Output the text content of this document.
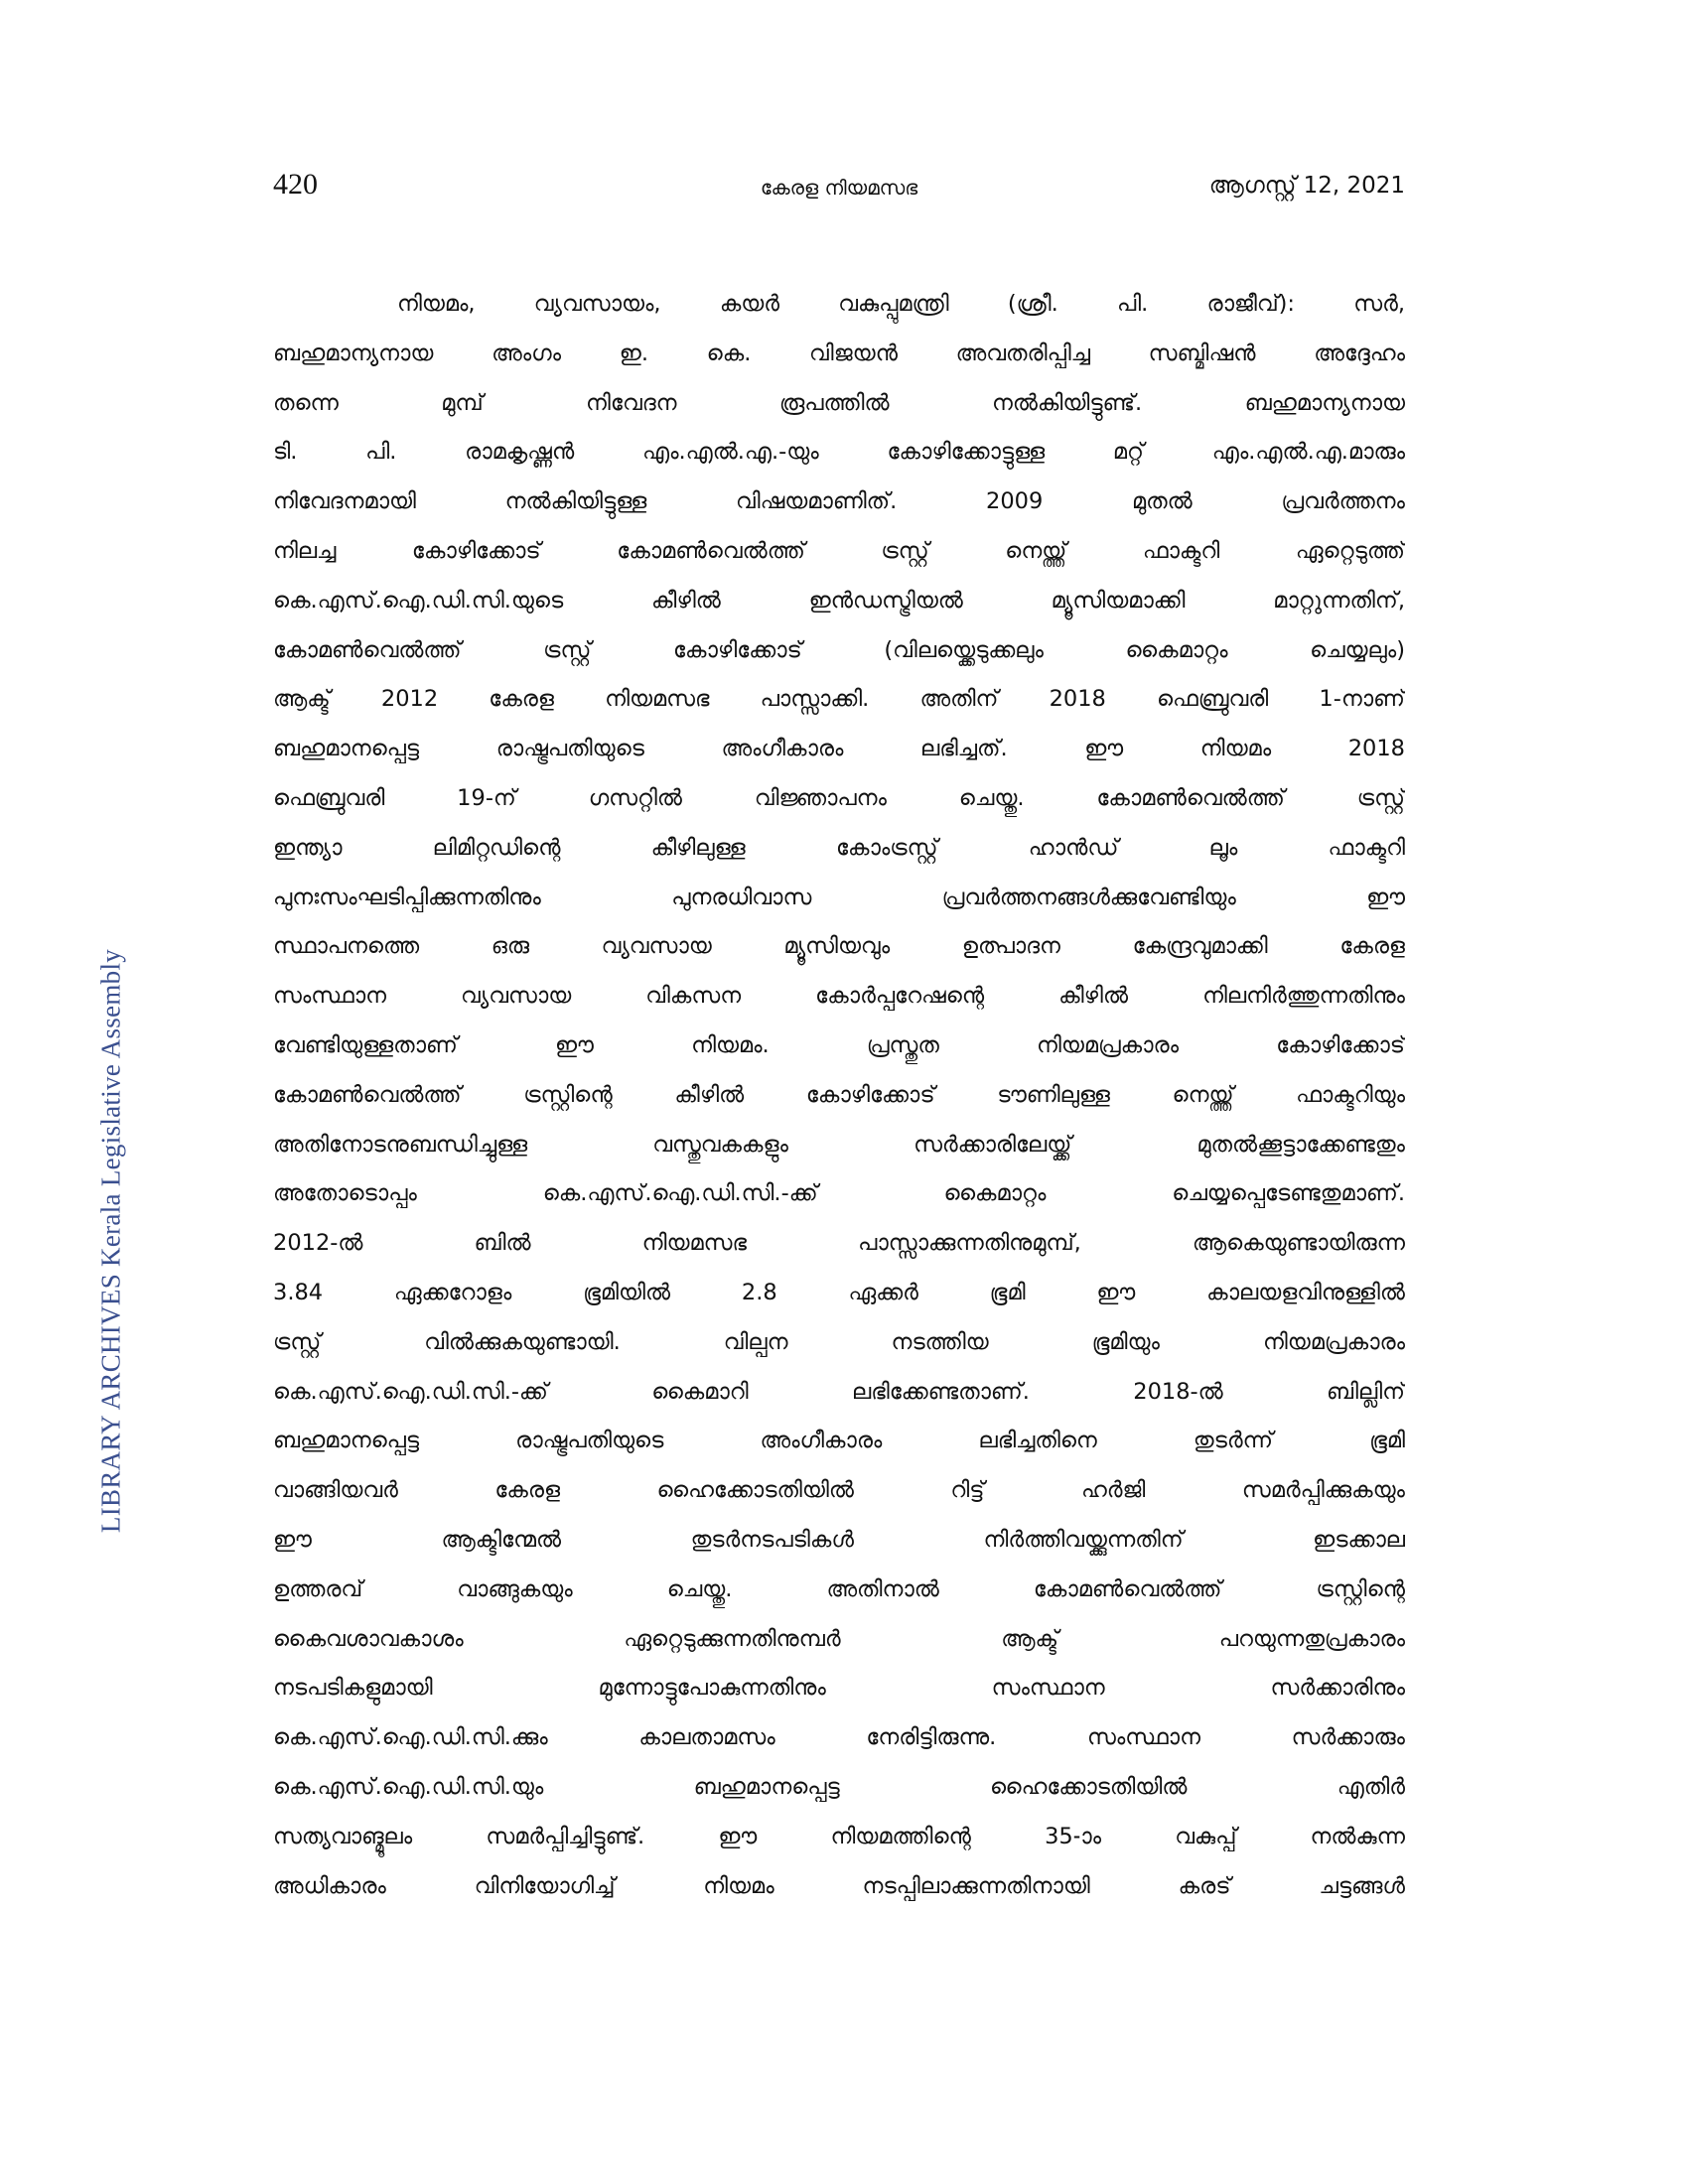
420	കേരള നിയമസഭ	ആഗസ്റ്റ് 12, 2021
LIBRARY ARCHIVES Kerala Legislative Assembly
നിയമം, വ്യവസായം, കയർ വകുപ്പുമന്ത്രി (ശ്രീ. പി. രാജീവ്): സർ,
ബഹുമാന്യനായ അംഗം ഇ. കെ. വിജയൻ അവതരിപ്പിച്ച സബ്മിഷൻ അദ്ദേഹം
തന്നെ മുമ്പ് നിവേദന രൂപത്തിൽ നൽകിയിട്ടുണ്ട്. ബഹുമാന്യനായ
ടി. പി. രാമകൃഷ്ണൻ എം.എൽ.എ.-യും കോഴിക്കോട്ടുള്ള മറ്റ് എം.എൽ.എ.മാരും
നിവേദനമായി നൽകിയിട്ടുള്ള വിഷയമാണിത്. 2009 മുതൽ പ്രവർത്തനം
നിലച്ച കോഴിക്കോട് കോമൺവെൽത്ത് ട്രസ്റ്റ് നെയ്ത്ത് ഫാക്ടറി ഏറ്റെടുത്ത്
കെ.എസ്.ഐ.ഡി.സി.യുടെ കീഴിൽ ഇൻഡസ്ട്രിയൽ മ്യൂസിയമാക്കി മാറ്റുന്നതിന്,
കോമൺവെൽത്ത് ട്രസ്റ്റ് കോഴിക്കോട് (വിലയ്ക്കെടുക്കലും കൈമാറ്റം ചെയ്യലും)
ആക്ട് 2012 കേരള നിയമസഭ പാസ്സാക്കി. അതിന് 2018 ഫെബ്രുവരി 1-നാണ്
ബഹുമാനപ്പെട്ട രാഷ്ട്രപതിയുടെ അംഗീകാരം ലഭിച്ചത്. ഈ നിയമം 2018
ഫെബ്രുവരി 19-ന് ഗസറ്റിൽ വിജ്ഞാപനം ചെയ്തു. കോമൺവെൽത്ത് ട്രസ്റ്റ്
ഇന്ത്യാ ലിമിറ്റഡിന്റെ കീഴിലുള്ള കോംട്രസ്റ്റ് ഹാൻഡ് ലൂം ഫാക്ടറി
പുനഃസംഘടിപ്പിക്കുന്നതിനും പുനരധിവാസ പ്രവർത്തനങ്ങൾക്കുവേണ്ടിയും ഈ
സ്ഥാപനത്തെ ഒരു വ്യവസായ മ്യൂസിയവും ഉത്പാദന കേന്ദ്രവുമാക്കി കേരള
സംസ്ഥാന വ്യവസായ വികസന കോർപ്പറേഷന്റെ കീഴിൽ നിലനിർത്തുന്നതിനും
വേണ്ടിയുള്ളതാണ് ഈ നിയമം. പ്രസ്തുത നിയമപ്രകാരം കോഴിക്കോട്
കോമൺവെൽത്ത് ട്രസ്റ്റിന്റെ കീഴിൽ കോഴിക്കോട് ടൗണിലുള്ള നെയ്ത്ത് ഫാക്ടറിയും
അതിനോടനുബന്ധിച്ചുള്ള വസ്തുവകകളും സർക്കാരിലേയ്ക്ക് മുതൽക്കൂട്ടാക്കേണ്ടതും
അതോടൊപ്പം കെ.എസ്.ഐ.ഡി.സി.-ക്ക് കൈമാറ്റം ചെയ്യപ്പെടേണ്ടതുമാണ്.
2012-ൽ ബിൽ നിയമസഭ പാസ്സാക്കുന്നതിനുമുമ്പ്, ആകെയുണ്ടായിരുന്ന
3.84 ഏക്കറോളം ഭൂമിയിൽ 2.8 ഏക്കർ ഭൂമി ഈ കാലയളവിനുള്ളിൽ
ട്രസ്റ്റ് വിൽക്കുകയുണ്ടായി. വില്പന നടത്തിയ ഭൂമിയും നിയമപ്രകാരം
കെ.എസ്.ഐ.ഡി.സി.-ക്ക് കൈമാറി ലഭിക്കേണ്ടതാണ്. 2018-ൽ ബില്ലിന്
ബഹുമാനപ്പെട്ട രാഷ്ട്രപതിയുടെ അംഗീകാരം ലഭിച്ചതിനെ തുടർന്ന് ഭൂമി
വാങ്ങിയവർ കേരള ഹൈക്കോടതിയിൽ റിട്ട് ഹർജി സമർപ്പിക്കുകയും
ഈ ആക്ടിന്മേൽ തുടർനടപടികൾ നിർത്തിവയ്ക്കുന്നതിന് ഇടക്കാല
ഉത്തരവ് വാങ്ങുകയും ചെയ്തു. അതിനാൽ കോമൺവെൽത്ത് ട്രസ്റ്റിന്റെ
കൈവശാവകാശം ഏറ്റെടുക്കുന്നതിനുമ്പർ ആക്ട് പറയുന്നതുപ്രകാരം
നടപടികളുമായി മുന്നോട്ടുപോകുന്നതിനും സംസ്ഥാന സർക്കാരിനും
കെ.എസ്.ഐ.ഡി.സി.ക്കും കാലതാമസം നേരിട്ടിരുന്നു. സംസ്ഥാന സർക്കാരും
കെ.എസ്.ഐ.ഡി.സി.യും ബഹുമാനപ്പെട്ട ഹൈക്കോടതിയിൽ എതിർ
സത്യവാങ്മൂലം സമർപ്പിച്ചിട്ടുണ്ട്. ഈ നിയമത്തിന്റെ 35-ാം വകുപ്പ് നൽകുന്ന
അധികാരം വിനിയോഗിച്ച് നിയമം നടപ്പിലാക്കുന്നതിനായി കരട് ചട്ടങ്ങൾ
